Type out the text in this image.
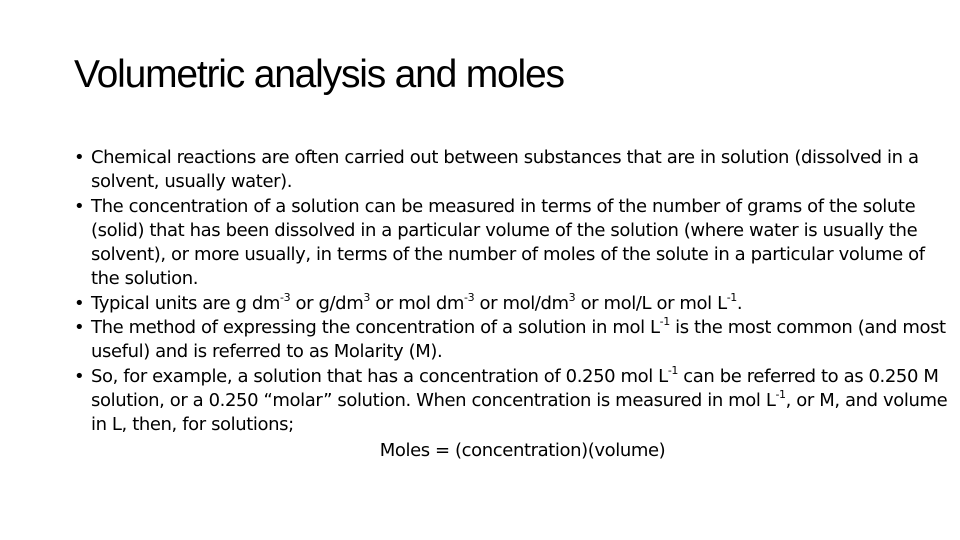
Volumetric analysis and moles
• Chemical reactions are often carried out between substances that are in solution (dissolved in a solvent, usually water).
• The concentration of a solution can be measured in terms of the number of grams of the solute (solid) that has been dissolved in a particular volume of the solution (where water is usually the solvent), or more usually, in terms of the number of moles of the solute in a particular volume of the solution.
• Typical units are g $dm^{-3}$ or $g/dm^3$ or mol $dm^{-3}$ or mol/$dm^3$ or mol/L or mol $L^{-1}$.
• The method of expressing the concentration of a solution in mol $L^{-1}$ is the most common (and most useful) and is referred to as Molarity (M).
• So, for example, a solution that has a concentration of 0.250 mol $L^{-1}$ can be referred to as 0.250 M solution, or a 0.250 “molar” solution. When concentration is measured in mol $L^{-1}$, or M, and volume in L, then, for solutions;
Moles = (concentration)(volume)
